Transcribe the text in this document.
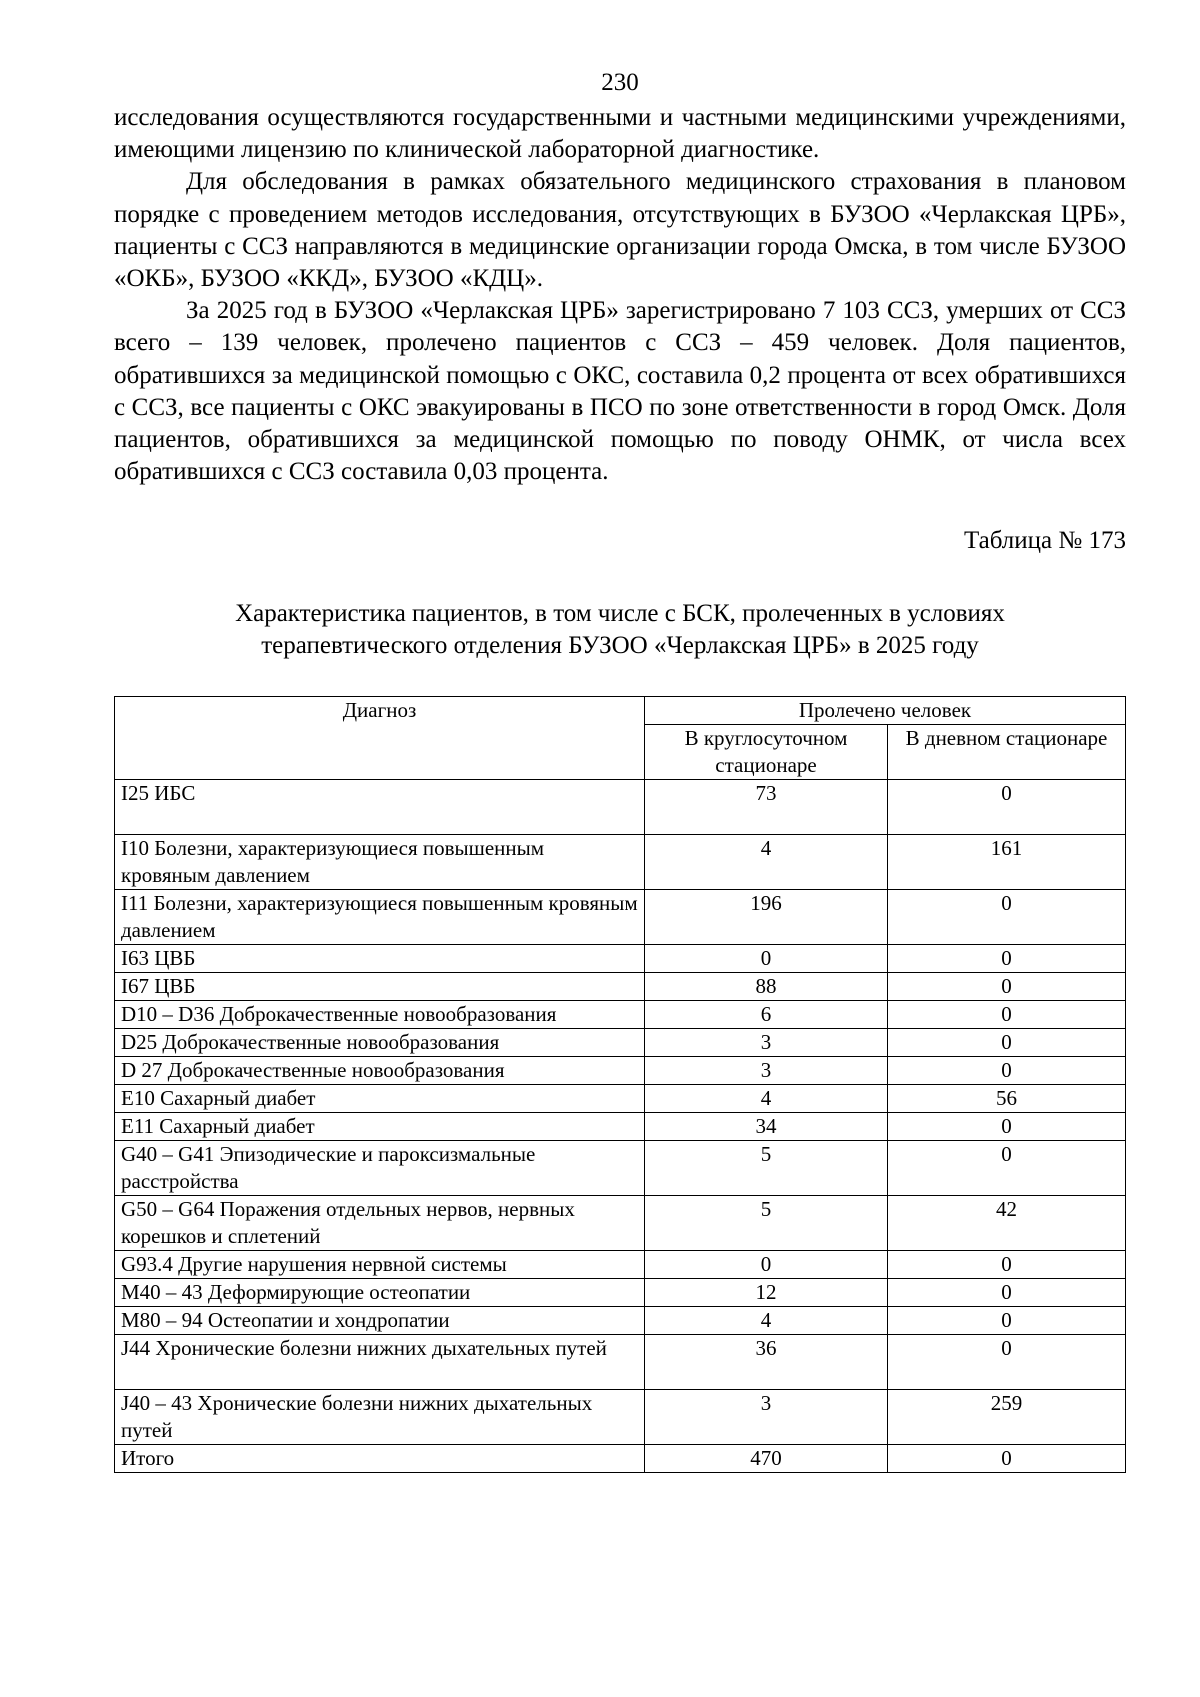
230

исследования осуществляются государственными и частными медицинскими учреждениями, имеющими лицензию по клинической лабораторной диагностике.

Для обследования в рамках обязательного медицинского страхования в плановом порядке с проведением методов исследования, отсутствующих в БУЗОО «Черлакская ЦРБ», пациенты с ССЗ направляются в медицинские организации города Омска, в том числе БУЗОО «ОКБ», БУЗОО «ККД», БУЗОО «КДЦ».

За 2025 год в БУЗОО «Черлакская ЦРБ» зарегистрировано 7 103 ССЗ, умерших от ССЗ всего – 139 человек, пролечено пациентов с ССЗ – 459 человек. Доля пациентов, обратившихся за медицинской помощью с ОКС, составила 0,2 процента от всех обратившихся с ССЗ, все пациенты с ОКС эвакуированы в ПСО по зоне ответственности в город Омск. Доля пациентов, обратившихся за медицинской помощью по поводу ОНМК, от числа всех обратившихся с ССЗ составила 0,03 процента.

Таблица № 173
Характеристика пациентов, в том числе с БСК, пролеченных в условиях
терапевтического отделения БУЗОО «Черлакская ЦРБ» в 2025 году
Диагноз	Пролечено человек	
	В круглосуточном стационаре	В дневном стационаре
I25 ИБС	73	0
I10 Болезни, характеризующиеся повышенным кровяным давлением	4	161
I11 Болезни, характеризующиеся повышенным кровяным давлением	196	0
I63 ЦВБ	0	0
I67 ЦВБ	88	0
D10 – D36 Доброкачественные новообразования	6	0
D25 Доброкачественные новообразования	3	0
D 27 Доброкачественные новообразования	3	0
Е10 Сахарный диабет	4	56
Е11 Сахарный диабет	34	0
G40 – G41 Эпизодические и пароксизмальные расстройства	5	0
G50 – G64 Поражения отдельных нервов, нервных корешков и сплетений	5	42
G93.4 Другие нарушения нервной системы	0	0
М40 – 43 Деформирующие остеопатии	12	0
М80 – 94 Остеопатии и хондропатии	4	0
J44 Хронические болезни нижних дыхательных путей	36	0
J40 – 43 Хронические болезни нижних дыхательных путей	3	259
Итого	470	0
